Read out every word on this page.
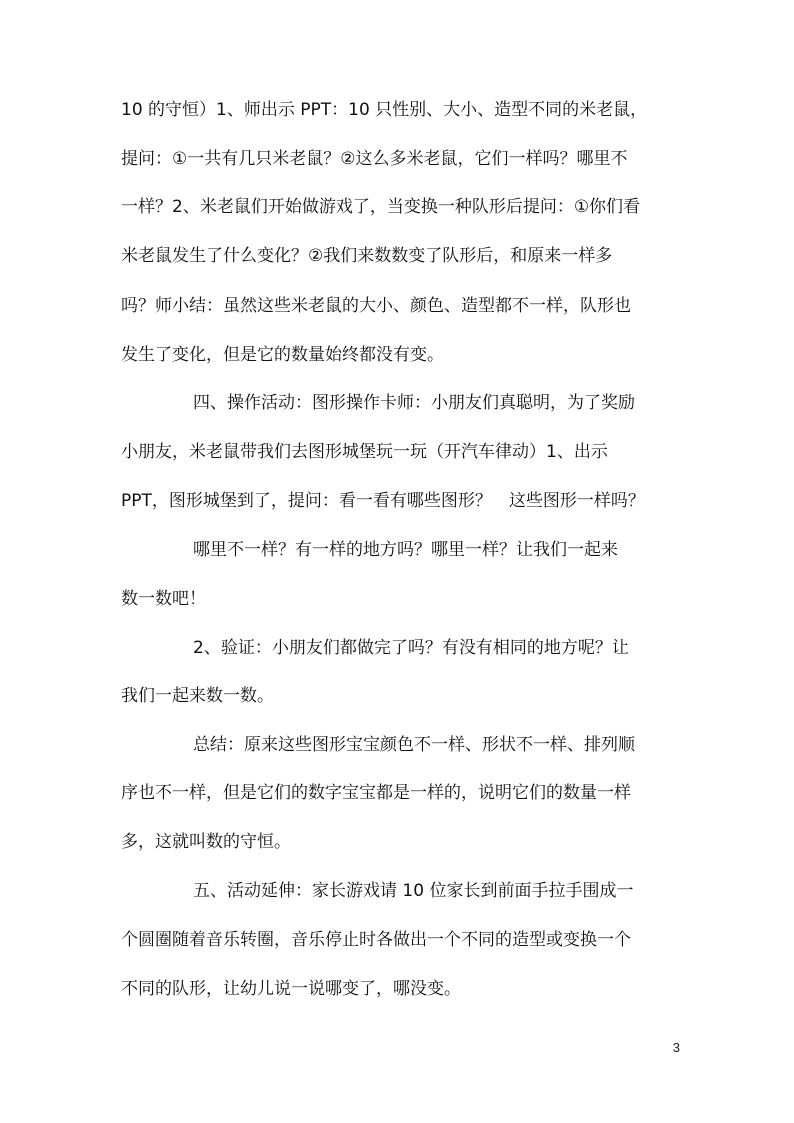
10 的守恒）1、师出示 PPT：10 只性别、大小、造型不同的米老鼠，
提问：①一共有几只米老鼠？②这么多米老鼠，它们一样吗？哪里不
一样？2、米老鼠们开始做游戏了，当变换一种队形后提问：①你们看
米老鼠发生了什么变化？②我们来数数变了队形后，和原来一样多
吗？师小结：虽然这些米老鼠的大小、颜色、造型都不一样，队形也
发生了变化，但是它的数量始终都没有变。
四、操作活动：图形操作卡师：小朋友们真聪明，为了奖励
小朋友，米老鼠带我们去图形城堡玩一玩（开汽车律动）1、出示
PPT，图形城堡到了，提问：看一看有哪些图形？　这些图形一样吗？
哪里不一样？有一样的地方吗？哪里一样？让我们一起来
数一数吧！
2、验证：小朋友们都做完了吗？有没有相同的地方呢？让
我们一起来数一数。
总结：原来这些图形宝宝颜色不一样、形状不一样、排列顺
序也不一样，但是它们的数字宝宝都是一样的，说明它们的数量一样
多，这就叫数的守恒。
五、活动延伸：家长游戏请 10 位家长到前面手拉手围成一
个圆圈随着音乐转圈，音乐停止时各做出一个不同的造型或变换一个
不同的队形，让幼儿说一说哪变了，哪没变。
3
